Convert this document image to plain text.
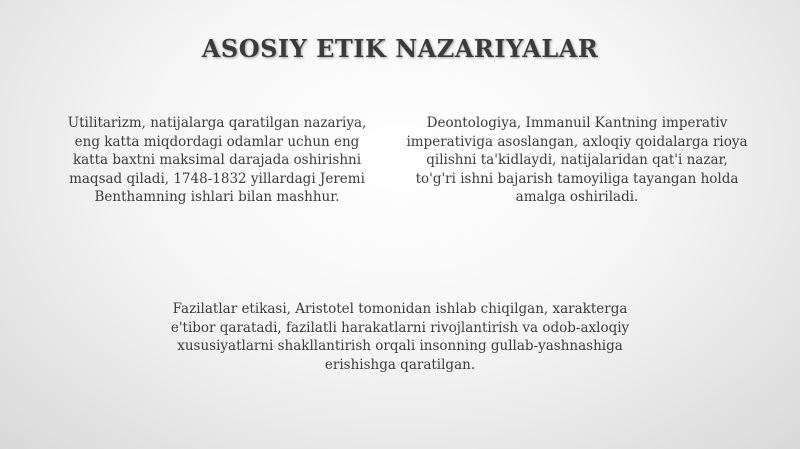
ASOSIY ETIK NAZARIYALAR
Utilitarizm, natijalarga qaratilgan nazariya, eng katta miqdordagi odamlar uchun eng katta baxtni maksimal darajada oshirishni maqsad qiladi, 1748-1832 yillardagi Jeremi Benthamning ishlari bilan mashhur.
Deontologiya, Immanuil Kantning imperativ imperativiga asoslangan, axloqiy qoidalarga rioya qilishni ta'kidlaydi, natijalaridan qat'i nazar, to'g'ri ishni bajarish tamoyiliga tayangan holda amalga oshiriladi.
Fazilatlar etikasi, Aristotel tomonidan ishlab chiqilgan, xarakterga e'tibor qaratadi, fazilatli harakatlarni rivojlantirish va odob-axloqiy xususiyatlarni shakllantirish orqali insonning gullab-yashnashiga erishishga qaratilgan.
